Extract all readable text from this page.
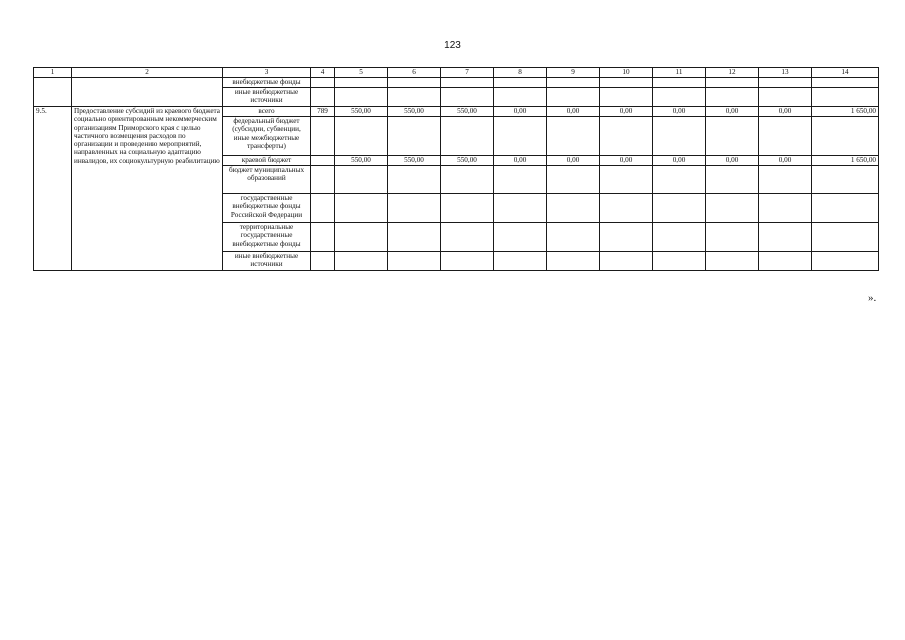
123
1	2	3	4	5	6	7	8	9	10	11	12	13	14
		внебюджетные фонды											
		иные внебюджетные источники											
9.5.	Предоставление субсидий из краевого бюджета социально ориентированным некоммерческим организациям Приморского края с целью частичного возмещения расходов по организации и проведению мероприятий, направленных на социальную адаптацию инвалидов, их социокультурную реабилитацию	всего	789	550,00	550,00	550,00	0,00	0,00	0,00	0,00	0,00	0,00	1 650,00
		федеральный бюджет (субсидии, субвенции, иные межбюджетные трансферты)											
		краевой бюджет		550,00	550,00	550,00	0,00	0,00	0,00	0,00	0,00	0,00	1 650,00
		бюджет муниципальных образований											
		государственные внебюджетные фонды Российской Федерации											
		территориальные государственные внебюджетные фонды											
		иные внебюджетные источники											
».
